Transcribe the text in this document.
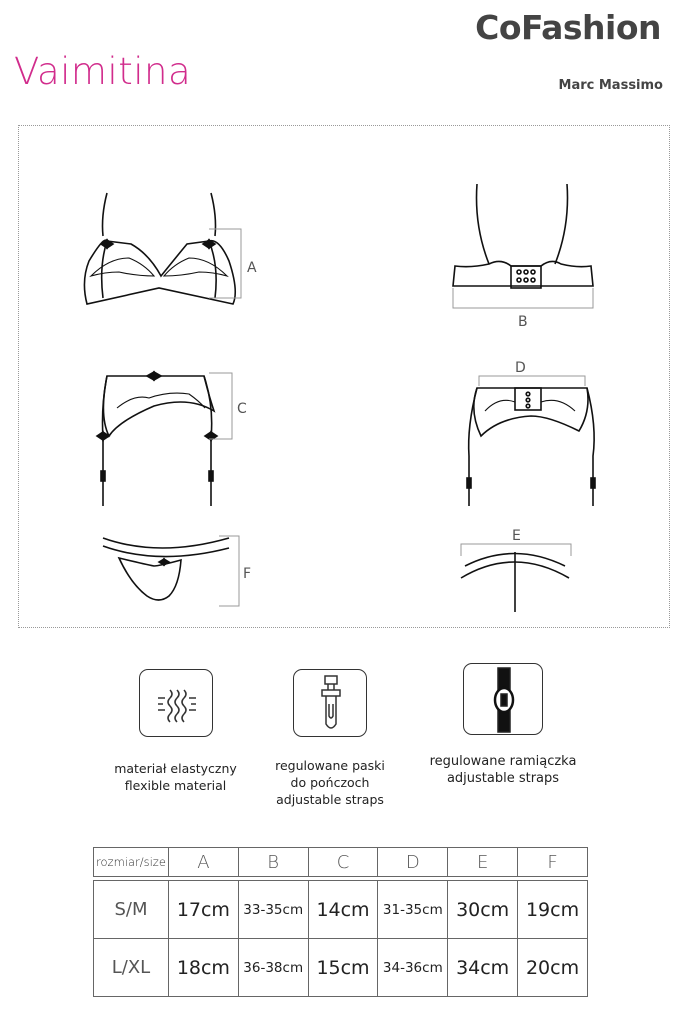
Vaimitina
CoFashion
Marc Massimo
A
B
C
D
F
E
materiał elastyczny
flexible material
regulowane paski
do pończoch
adjustable straps
regulowane ramiączka
adjustable straps
rozmiar/size	A	B	C	D	E	F

S/M	17cm	33-35cm	14cm	31-35cm	30cm	19cm
L/XL	18cm	36-38cm	15cm	34-36cm	34cm	20cm
